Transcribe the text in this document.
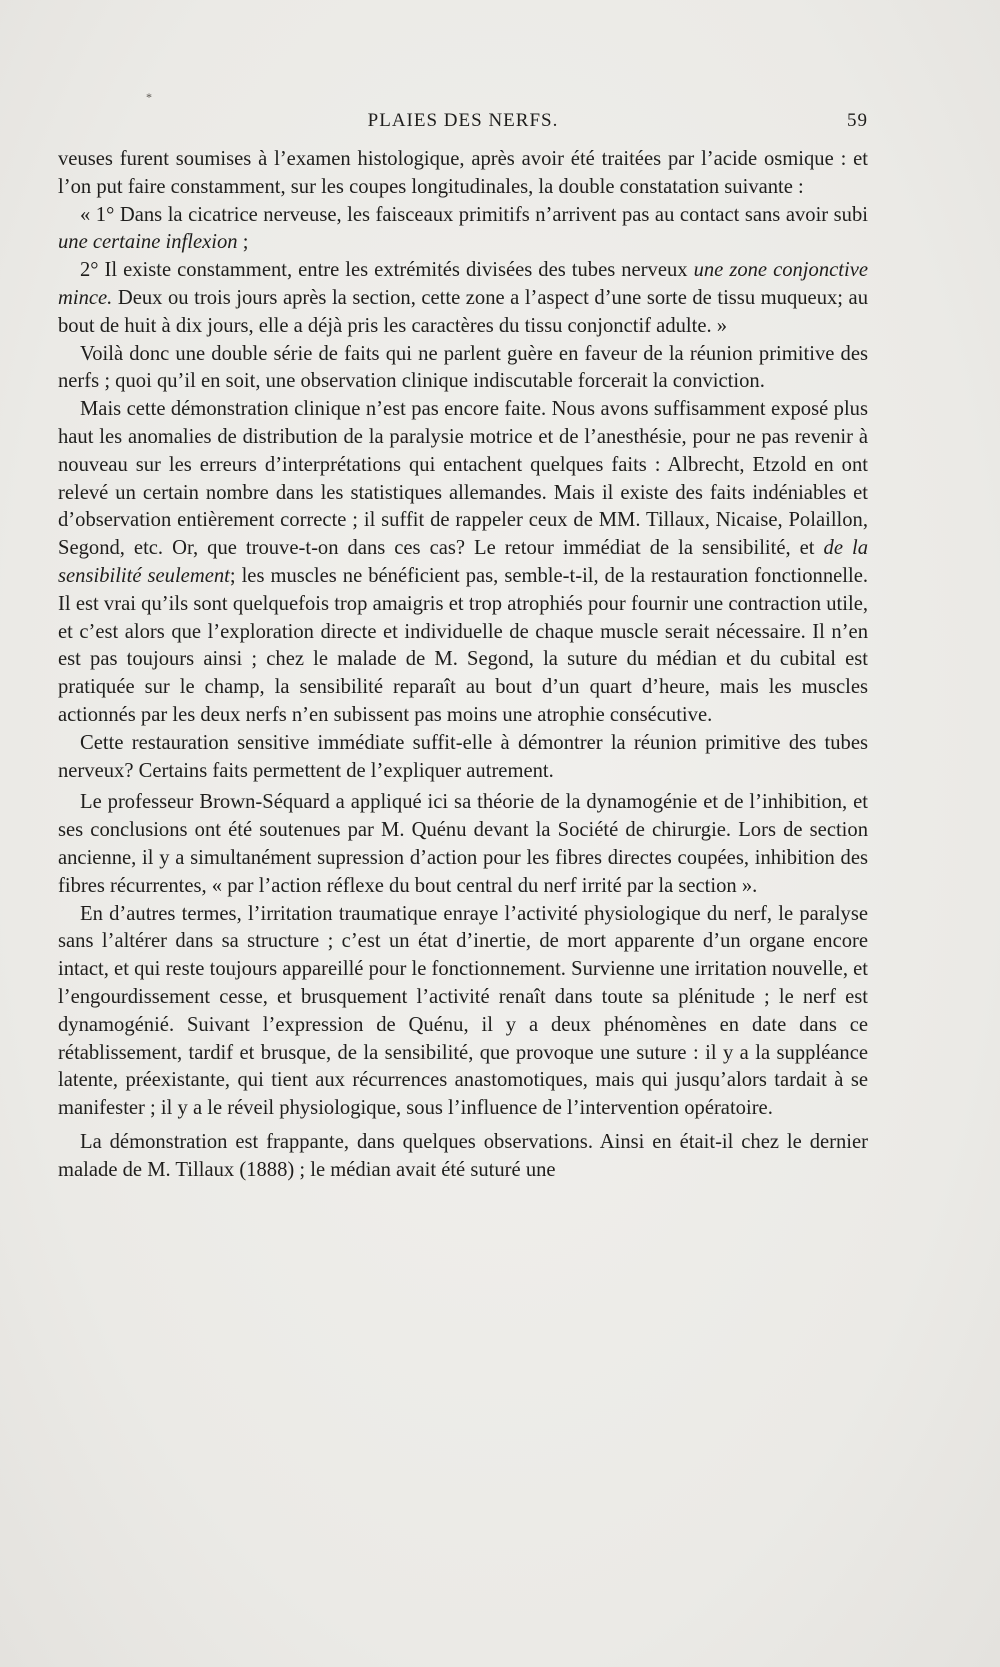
*
PLAIES DES NERFS.	59

veuses furent soumises à l’examen histologique, après avoir été traitées par l’acide osmique : et l’on put faire constamment, sur les coupes longitudinales, la double constatation suivante :

« 1° Dans la cicatrice nerveuse, les faisceaux primitifs n’arrivent pas au contact sans avoir subi une certaine inflexion ;

2° Il existe constamment, entre les extrémités divisées des tubes nerveux une zone conjonctive mince. Deux ou trois jours après la section, cette zone a l’aspect d’une sorte de tissu muqueux; au bout de huit à dix jours, elle a déjà pris les caractères du tissu conjonctif adulte. »

Voilà donc une double série de faits qui ne parlent guère en faveur de la réunion primitive des nerfs ; quoi qu’il en soit, une observation clinique indiscutable forcerait la conviction.

Mais cette démonstration clinique n’est pas encore faite. Nous avons suffisamment exposé plus haut les anomalies de distribution de la paralysie motrice et de l’anesthésie, pour ne pas revenir à nouveau sur les erreurs d’interprétations qui entachent quelques faits : Albrecht, Etzold en ont relevé un certain nombre dans les statistiques allemandes. Mais il existe des faits indéniables et d’observation entièrement correcte ; il suffit de rappeler ceux de MM. Tillaux, Nicaise, Polaillon, Segond, etc. Or, que trouve-t-on dans ces cas? Le retour immédiat de la sensibilité, et de la sensibilité seulement; les muscles ne bénéficient pas, semble-t-il, de la restauration fonctionnelle. Il est vrai qu’ils sont quelquefois trop amaigris et trop atrophiés pour fournir une contraction utile, et c’est alors que l’exploration directe et individuelle de chaque muscle serait nécessaire. Il n’en est pas toujours ainsi ; chez le malade de M. Segond, la suture du médian et du cubital est pratiquée sur le champ, la sensibilité reparaît au bout d’un quart d’heure, mais les muscles actionnés par les deux nerfs n’en subissent pas moins une atrophie consécutive.

Cette restauration sensitive immédiate suffit-elle à démontrer la réunion primitive des tubes nerveux? Certains faits permettent de l’expliquer autrement.

Le professeur Brown-Séquard a appliqué ici sa théorie de la dynamogénie et de l’inhibition, et ses conclusions ont été soutenues par M. Quénu devant la Société de chirurgie. Lors de section ancienne, il y a simultanément supression d’action pour les fibres directes coupées, inhibition des fibres récurrentes, « par l’action réflexe du bout central du nerf irrité par la section ».

En d’autres termes, l’irritation traumatique enraye l’activité physiologique du nerf, le paralyse sans l’altérer dans sa structure ; c’est un état d’inertie, de mort apparente d’un organe encore intact, et qui reste toujours appareillé pour le fonctionnement. Survienne une irritation nouvelle, et l’engourdissement cesse, et brusquement l’activité renaît dans toute sa plénitude ; le nerf est dynamogénié. Suivant l’expression de Quénu, il y a deux phénomènes en date dans ce rétablissement, tardif et brusque, de la sensibilité, que provoque une suture : il y a la suppléance latente, préexistante, qui tient aux récurrences anastomotiques, mais qui jusqu’alors tardait à se manifester ; il y a le réveil physiologique, sous l’influence de l’intervention opératoire.

La démonstration est frappante, dans quelques observations. Ainsi en était-il chez le dernier malade de M. Tillaux (1888) ; le médian avait été suturé une
